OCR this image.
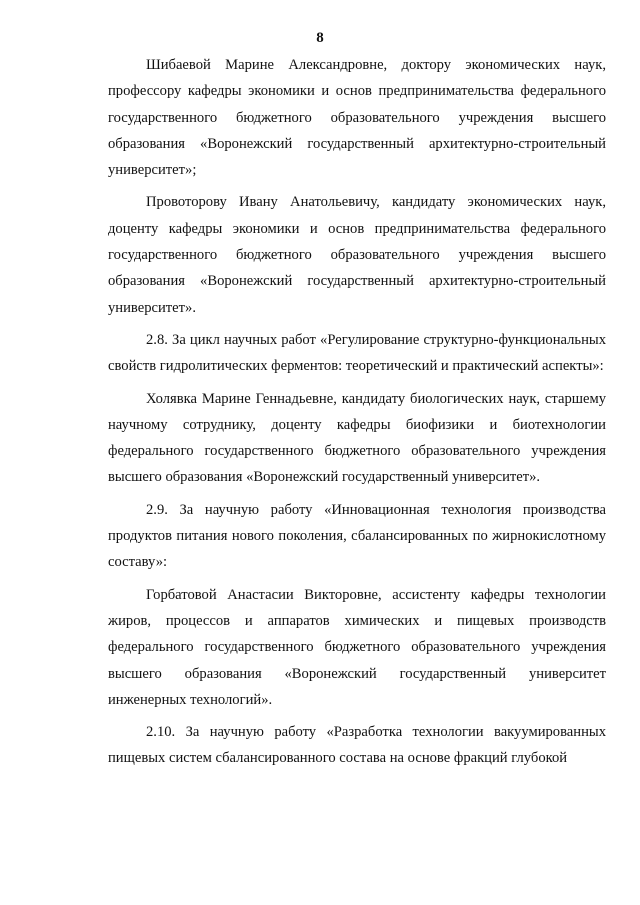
8

Шибаевой Марине Александровне, доктору экономических наук, профессору кафедры экономики и основ предпринимательства федерального государственного бюджетного образовательного учреждения высшего образования «Воронежский государственный архитектурно-строительный университет»;

Провоторову Ивану Анатольевичу, кандидату экономических наук, доценту кафедры экономики и основ предпринимательства федерального государственного бюджетного образовательного учреждения высшего образования «Воронежский государственный архитектурно-строительный университет».

2.8. За цикл научных работ «Регулирование структурно-функциональных свойств гидролитических ферментов: теоретический и практический аспекты»:

Холявка Марине Геннадьевне, кандидату биологических наук, старшему научному сотруднику, доценту кафедры биофизики и биотехнологии федерального государственного бюджетного образовательного учреждения высшего образования «Воронежский государственный университет».

2.9. За научную работу «Инновационная технология производства продуктов питания нового поколения, сбалансированных по жирнокислотному составу»:

Горбатовой Анастасии Викторовне, ассистенту кафедры технологии жиров, процессов и аппаратов химических и пищевых производств федерального государственного бюджетного образовательного учреждения высшего образования «Воронежский государственный университет инженерных технологий».

2.10. За научную работу «Разработка технологии вакуумированных пищевых систем сбалансированного состава на основе фракций глубокой
